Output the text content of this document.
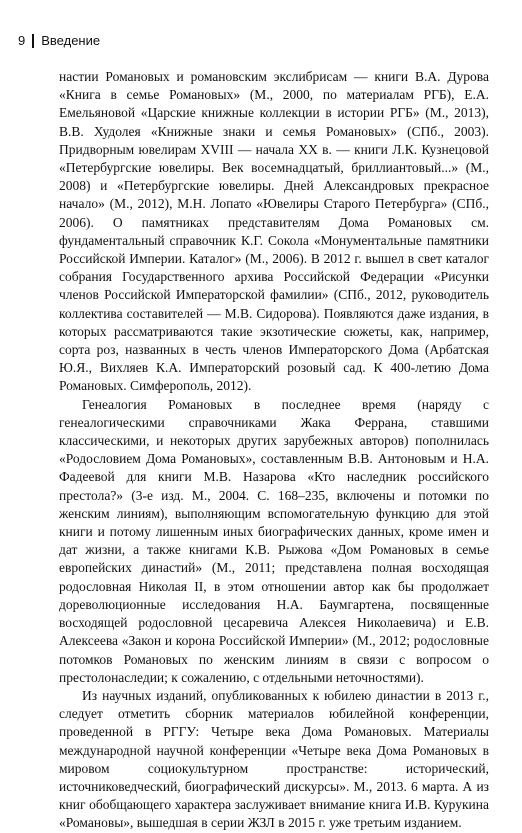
9 Введение

настии Романовых и романовским экслибрисам — книги В.А. Дурова «Книга в семье Романовых» (М., 2000, по материалам РГБ), Е.А. Емельяновой «Царские книжные коллекции в истории РГБ» (М., 2013), В.В. Худолея «Книжные знаки и семья Романовых» (СПб., 2003). Придворным ювелирам XVIII — начала XX в. — книги Л.К. Кузнецовой «Петербургские ювелиры. Век восемнадцатый, бриллиантовый...» (М., 2008) и «Петербургские ювелиры. Дней Александровых прекрасное начало» (М., 2012), М.Н. Лопато «Ювелиры Старого Петербурга» (СПб., 2006). О памятниках представителям Дома Романовых см. фундаментальный справочник К.Г. Сокола «Монументальные памятники Российской Империи. Каталог» (М., 2006). В 2012 г. вышел в свет каталог собрания Государственного архива Российской Федерации «Рисунки членов Российской Императорской фамилии» (СПб., 2012, руководитель коллектива составителей — М.В. Сидорова). Появляются даже издания, в которых рассматриваются такие экзотические сюжеты, как, например, сорта роз, названных в честь членов Императорского Дома (Арбатская Ю.Я., Вихляев К.А. Императорский розовый сад. К 400-летию Дома Романовых. Симферополь, 2012).

Генеалогия Романовых в последнее время (наряду с генеалогическими справочниками Жака Феррана, ставшими классическими, и некоторых других зарубежных авторов) пополнилась «Родословием Дома Романовых», составленным В.В. Антоновым и Н.А. Фадеевой для книги М.В. Назарова «Кто наследник российского престола?» (3-е изд. М., 2004. С. 168–235, включены и потомки по женским линиям), выполняющим вспомогательную функцию для этой книги и потому лишенным иных биографических данных, кроме имен и дат жизни, а также книгами К.В. Рыжова «Дом Романовых в семье европейских династий» (М., 2011; представлена полная восходящая родословная Николая II, в этом отношении автор как бы продолжает дореволюционные исследования Н.А. Баумгартена, посвященные восходящей родословной цесаревича Алексея Николаевича) и Е.В. Алексеева «Закон и корона Российской Империи» (М., 2012; родословные потомков Романовых по женским линиям в связи с вопросом о престолонаследии; к сожалению, с отдельными неточностями).

Из научных изданий, опубликованных к юбилею династии в 2013 г., следует отметить сборник материалов юбилейной конференции, проведенной в РГГУ: Четыре века Дома Романовых. Материалы международной научной конференции «Четыре века Дома Романовых в мировом социокультурном пространстве: исторический, источниковедческий, биографический дискурсы». М., 2013. 6 марта. А из книг обобщающего характера заслуживает внимание книга И.В. Курукина «Романовы», вышедшая в серии ЖЗЛ в 2015 г. уже третьим изданием.
